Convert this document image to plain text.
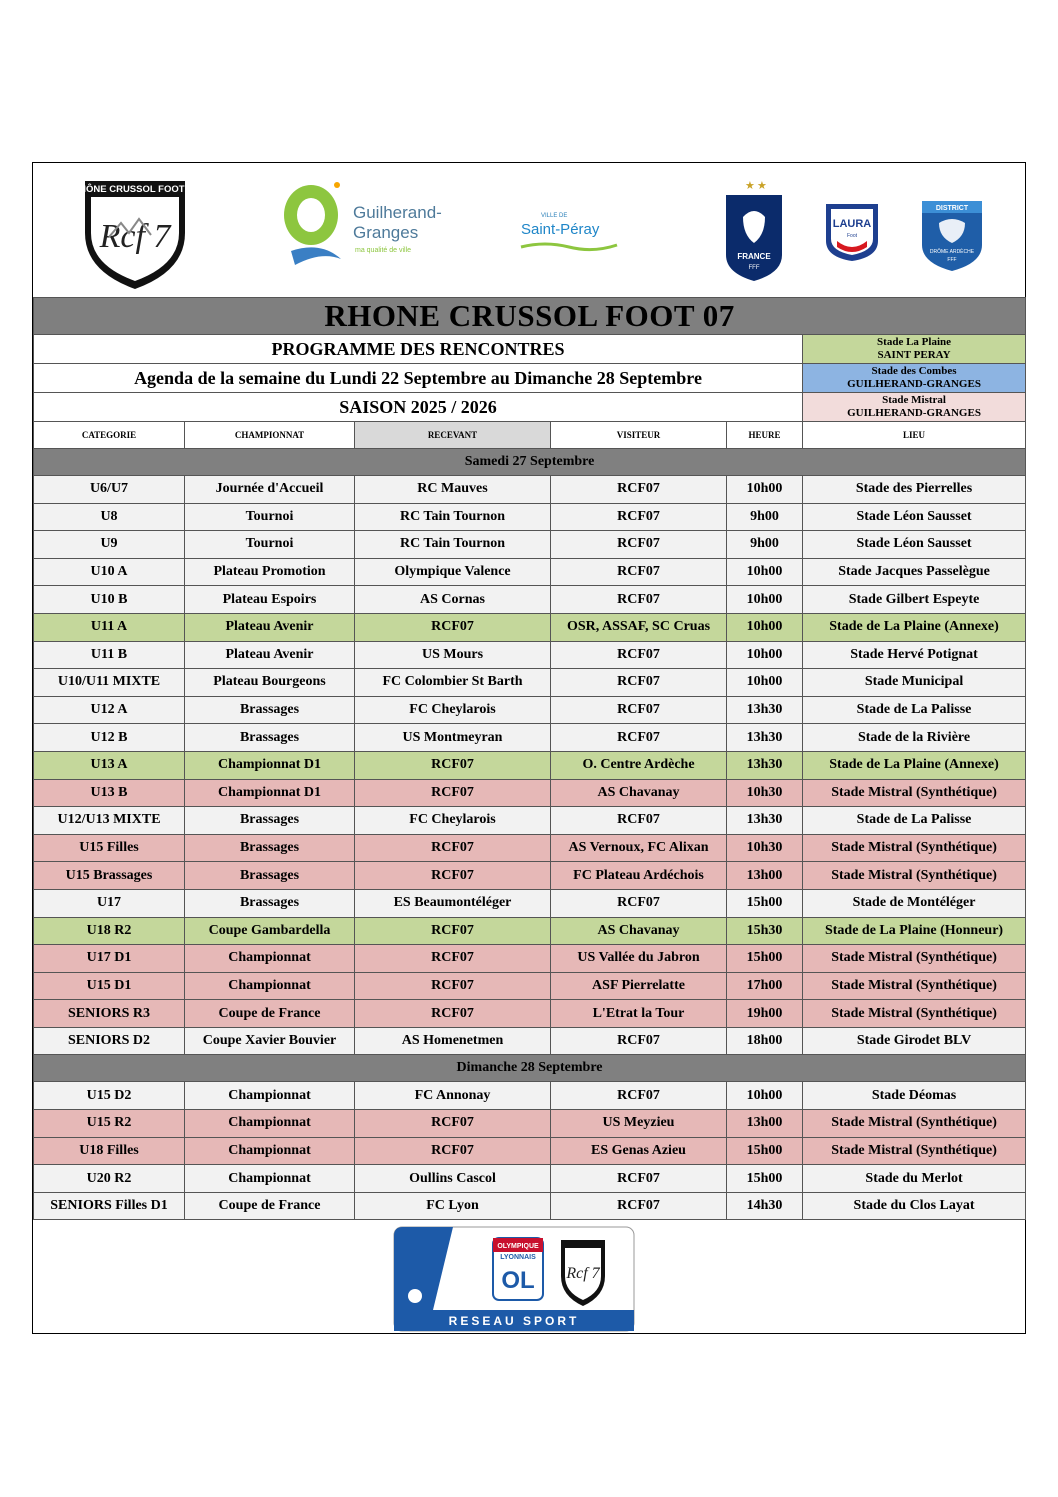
RHÔNE CRUSSOL FOOT 07
Rcf 7
Guilherand-
Granges
ma qualité de ville
VILLE DE
Saint-Péray
★ ★
FRANCE
FFF
LAURA
Foot
DISTRICT
DRÔME ARDÈCHE
FFF
RHONE CRUSSOL FOOT 07					
PROGRAMME DES RENCONTRES					Stade La Plaine
SAINT PERAY

Agenda de la semaine du Lundi 22 Septembre au Dimanche 28 Septembre					Stade des Combes
GUILHERAND-GRANGES

SAISON 2025 / 2026					Stade Mistral
GUILHERAND-GRANGES

CATEGORIE	CHAMPIONNAT	RECEVANT	VISITEUR	HEURE	LIEU
Samedi 27 Septembre					
U6/U7	Journée d'Accueil	RC Mauves	RCF07	10h00	Stade des Pierrelles
U8	Tournoi	RC Tain Tournon	RCF07	9h00	Stade Léon Sausset
U9	Tournoi	RC Tain Tournon	RCF07	9h00	Stade Léon Sausset
U10 A	Plateau Promotion	Olympique Valence	RCF07	10h00	Stade Jacques Passelègue
U10 B	Plateau Espoirs	AS Cornas	RCF07	10h00	Stade Gilbert Espeyte
U11 A	Plateau Avenir	RCF07	OSR, ASSAF, SC Cruas	10h00	Stade de La Plaine (Annexe)
U11 B	Plateau Avenir	US Mours	RCF07	10h00	Stade Hervé Potignat
U10/U11 MIXTE	Plateau Bourgeons	FC Colombier St Barth	RCF07	10h00	Stade Municipal
U12 A	Brassages	FC Cheylarois	RCF07	13h30	Stade de La Palisse
U12 B	Brassages	US Montmeyran	RCF07	13h30	Stade de la Rivière
U13 A	Championnat D1	RCF07	O. Centre Ardèche	13h30	Stade de La Plaine (Annexe)
U13 B	Championnat D1	RCF07	AS Chavanay	10h30	Stade Mistral (Synthétique)
U12/U13 MIXTE	Brassages	FC Cheylarois	RCF07	13h30	Stade de La Palisse
U15 Filles	Brassages	RCF07	AS Vernoux, FC Alixan	10h30	Stade Mistral (Synthétique)
U15 Brassages	Brassages	RCF07	FC Plateau Ardéchois	13h00	Stade Mistral (Synthétique)
U17	Brassages	ES Beaumontéléger	RCF07	15h00	Stade de Montéléger
U18 R2	Coupe Gambardella	RCF07	AS Chavanay	15h30	Stade de La Plaine (Honneur)
U17 D1	Championnat	RCF07	US Vallée du Jabron	15h00	Stade Mistral (Synthétique)
U15 D1	Championnat	RCF07	ASF Pierrelatte	17h00	Stade Mistral (Synthétique)
SENIORS R3	Coupe de France	RCF07	L'Etrat la Tour	19h00	Stade Mistral (Synthétique)
SENIORS D2	Coupe Xavier Bouvier	AS Homenetmen	RCF07	18h00	Stade Girodet BLV
Dimanche 28 Septembre					
U15 D2	Championnat	FC Annonay	RCF07	10h00	Stade Déomas
U15 R2	Championnat	RCF07	US Meyzieu	13h00	Stade Mistral (Synthétique)
U18 Filles	Championnat	RCF07	ES Genas Azieu	15h00	Stade Mistral (Synthétique)
U20 R2	Championnat	Oullins Cascol	RCF07	15h00	Stade du Merlot
SENIORS Filles D1	Coupe de France	FC Lyon	RCF07	14h30	Stade du Clos Layat
OLYMPIQUE
LYONNAIS
OL Rcf 7
RESEAU SPORT
